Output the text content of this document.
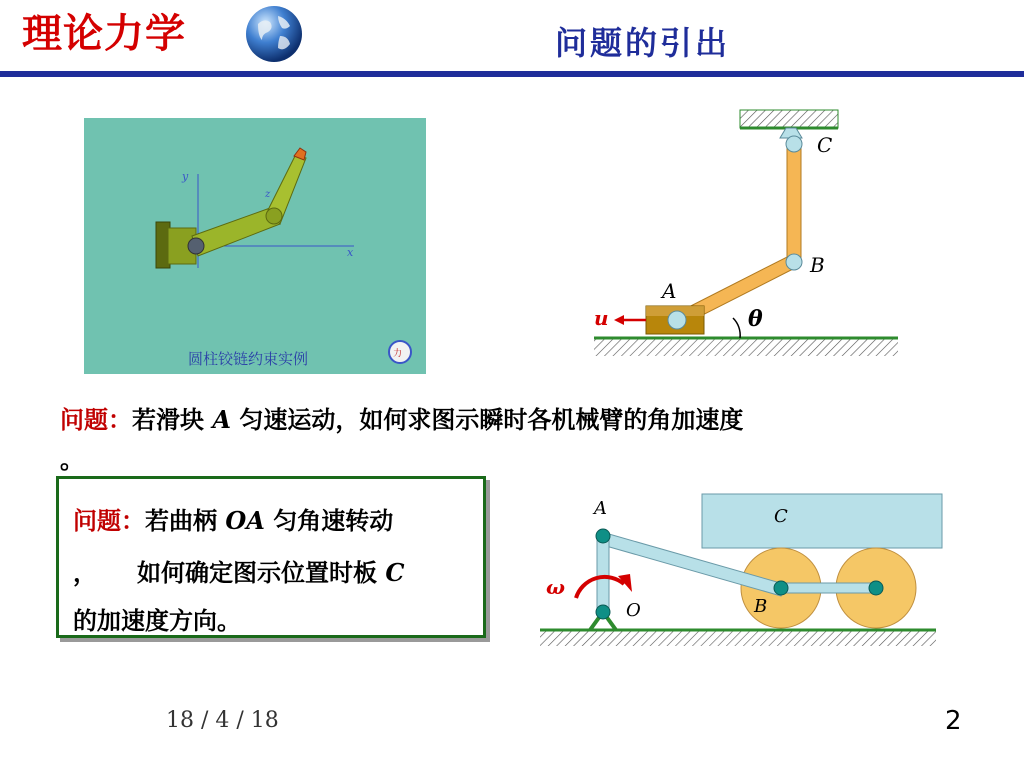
理论力学	问题的引出
y
x
z
力
圆柱铰链约束实例
C
B
A
u	θ
问题：若滑块 A 匀速运动，如何求图示瞬时各机械臂的角加速度
。

问题：若曲柄 OA 匀角速转动

， 如何确定图示位置时板 C

的加速度方向。

A
O	B
C
ω
18 / 4 / 18	2
